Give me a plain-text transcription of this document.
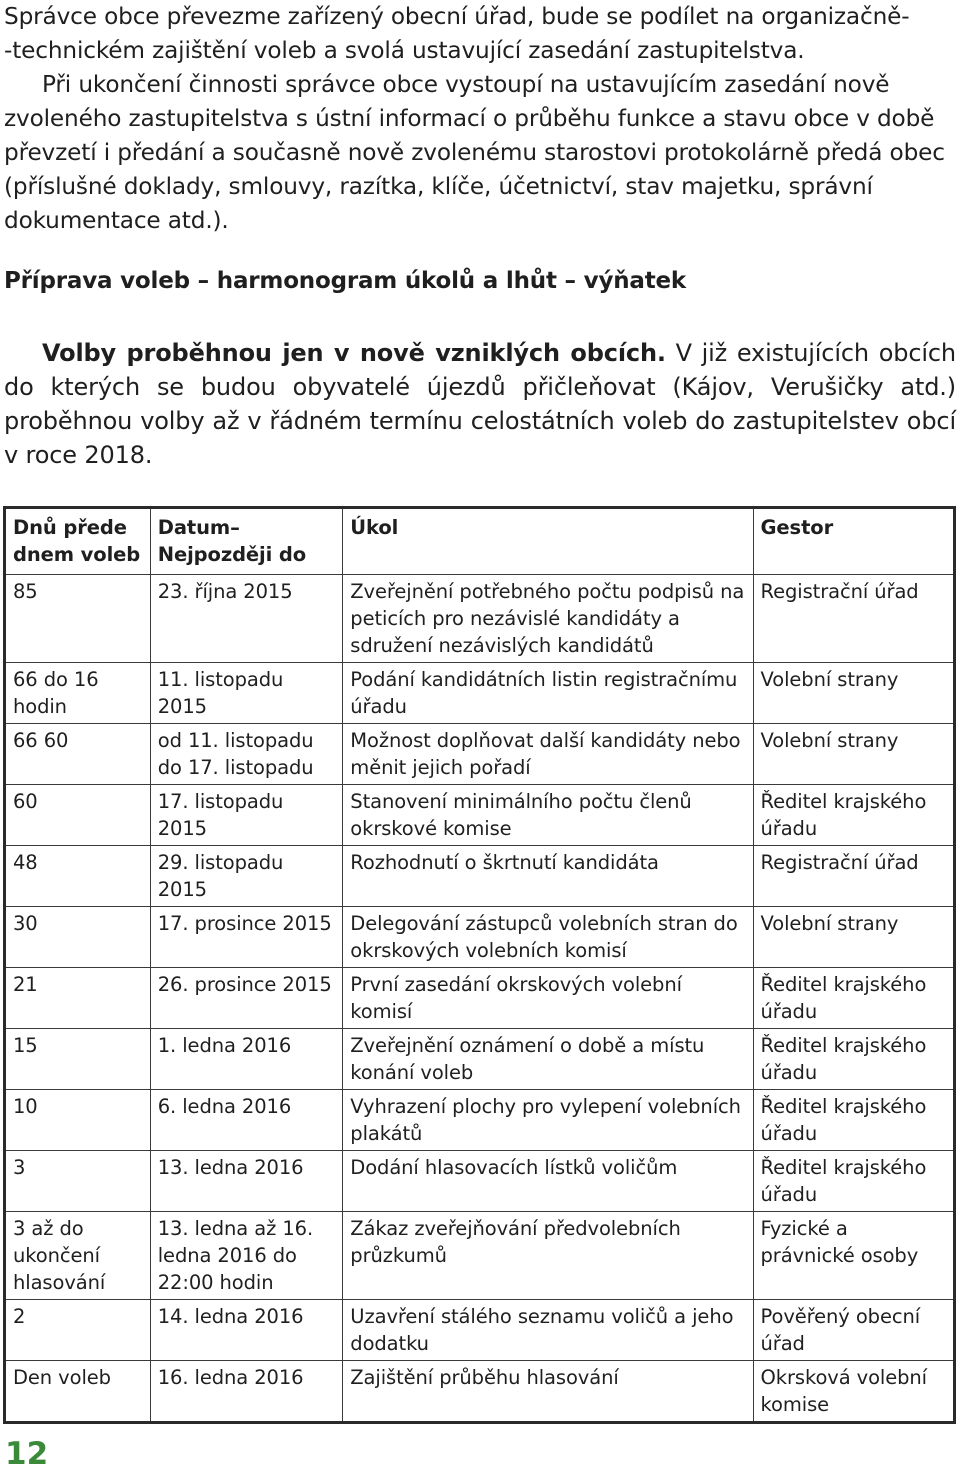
Správce obce převezme zařízený obecní úřad, bude se podílet na organizačně-
-technickém zajištění voleb a svolá ustavující zasedání zastupitelstva.
Při ukončení činnosti správce obce vystoupí na ustavujícím zasedání nově zvoleného zastupitelstva s ústní informací o průběhu funkce a stavu obce v době převzetí i předání a současně nově zvolenému starostovi protokolárně předá obec (příslušné doklady, smlouvy, razítka, klíče, účetnictví, stav majetku, správní dokumentace atd.).

Příprava voleb – harmonogram úkolů a lhůt – výňatek

Volby proběhnou jen v nově vzniklých obcích. V již existujících obcích do kterých se budou obyvatelé újezdů přičleňovat (Kájov, Verušičky atd.) proběhnou volby až v řádném termínu celostátních voleb do zastupitelstev obcí v roce 2018.

Dnů přede dnem voleb	Datum– Nejpozději do	Úkol	Gestor
85	23. října 2015	Zveřejnění potřebného počtu podpisů na peticích pro nezávislé kandidáty a sdružení nezávislých kandidátů	Registrační úřad
66 do 16 hodin	11. listopadu 2015	Podání kandidátních listin registračnímu úřadu	Volební strany
66 60	od 11. listopadu do 17. listopadu	Možnost doplňovat další kandidáty nebo měnit jejich pořadí	Volební strany
60	17. listopadu 2015	Stanovení minimálního počtu členů okrskové komise	Ředitel krajského úřadu
48	29. listopadu 2015	Rozhodnutí o škrtnutí kandidáta	Registrační úřad
30	17. prosince 2015	Delegování zástupců volebních stran do okrskových volebních komisí	Volební strany
21	26. prosince 2015	První zasedání okrskových volební komisí	Ředitel krajského úřadu
15	1. ledna 2016	Zveřejnění oznámení o době a místu konání voleb	Ředitel krajského úřadu
10	6. ledna 2016	Vyhrazení plochy pro vylepení volebních plakátů	Ředitel krajského úřadu
3	13. ledna 2016	Dodání hlasovacích lístků voličům	Ředitel krajského úřadu
3 až do ukončení hlasování	13. ledna až 16. ledna 2016 do 22:00 hodin	Zákaz zveřejňování předvolebních průzkumů	Fyzické a právnické osoby
2	14. ledna 2016	Uzavření stálého seznamu voličů a jeho dodatku	Pověřený obecní úřad
Den voleb	16. ledna 2016	Zajištění průběhu hlasování	Okrsková volební komise
12
